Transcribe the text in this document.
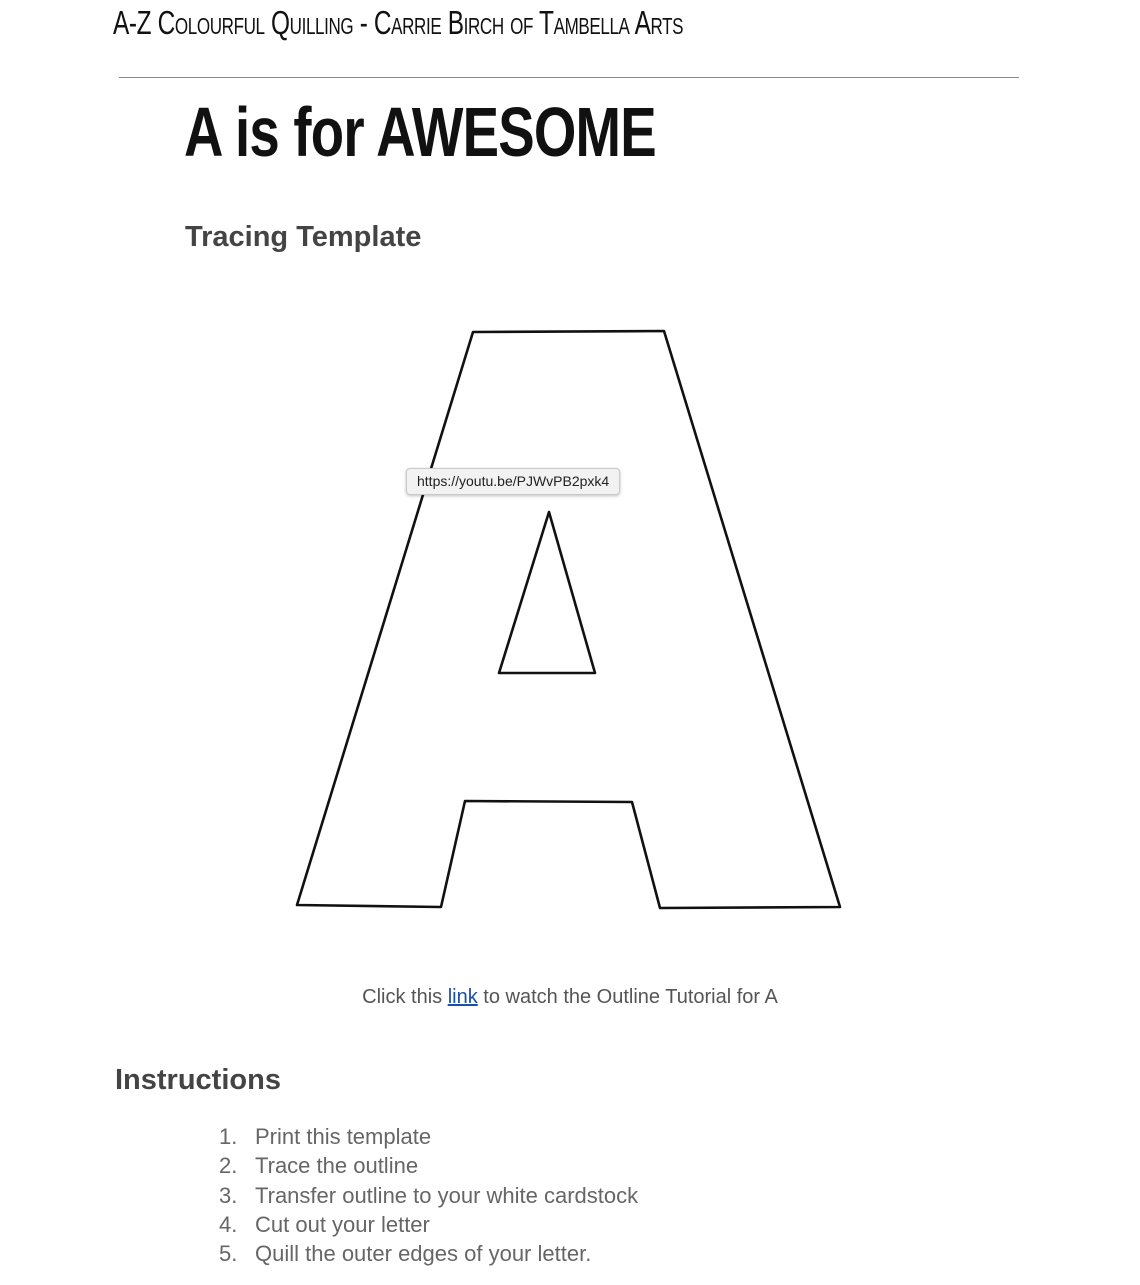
A-Z Colourful Quilling - Carrie Birch of Tambella Arts
A is for AWESOME
Tracing Template
https://youtu.be/PJWvPB2pxk4
Click this link to watch the Outline Tutorial for A
Instructions
1. Print this template
2. Trace the outline
3. Transfer outline to your white cardstock
4. Cut out your letter
5. Quill the outer edges of your letter.
